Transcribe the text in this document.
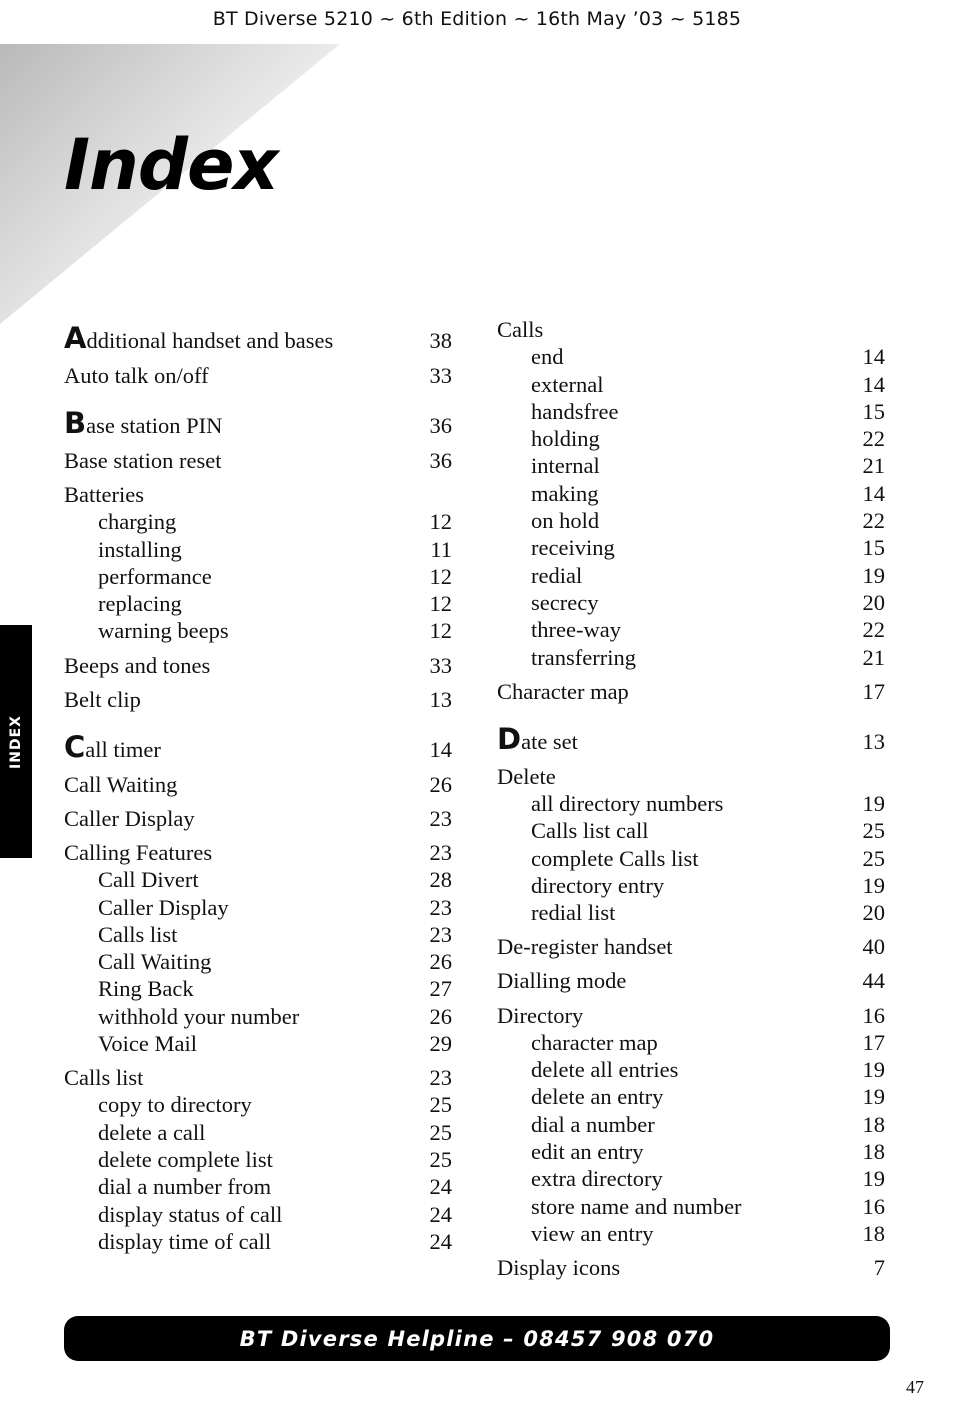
BT Diverse 5210 ~ 6th Edition ~ 16th May ’03 ~ 5185
Index
INDEX
Additional handset and bases	38
Auto talk on/off	33
Base station PIN	36
Base station reset	36
Batteries
charging	12
installing	11
performance	12
replacing	12
warning beeps	12
Beeps and tones	33
Belt clip	13
Call timer	14
Call Waiting	26
Caller Display	23
Calling Features	23
Call Divert	28
Caller Display	23
Calls list	23
Call Waiting	26
Ring Back	27
withhold your number	26
Voice Mail	29
Calls list	23
copy to directory	25
delete a call	25
delete complete list	25
dial a number from	24
display status of call	24
display time of call	24
Calls
end	14
external	14
handsfree	15
holding	22
internal	21
making	14
on hold	22
receiving	15
redial	19
secrecy	20
three-way	22
transferring	21
Character map	17
Date set	13
Delete
all directory numbers	19
Calls list call	25
complete Calls list	25
directory entry	19
redial list	20
De-register handset	40
Dialling mode	44
Directory	16
character map	17
delete all entries	19
delete an entry	19
dial a number	18
edit an entry	18
extra directory	19
store name and number	16
view an entry	18
Display icons	7
BT Diverse Helpline – 08457 908 070
47
